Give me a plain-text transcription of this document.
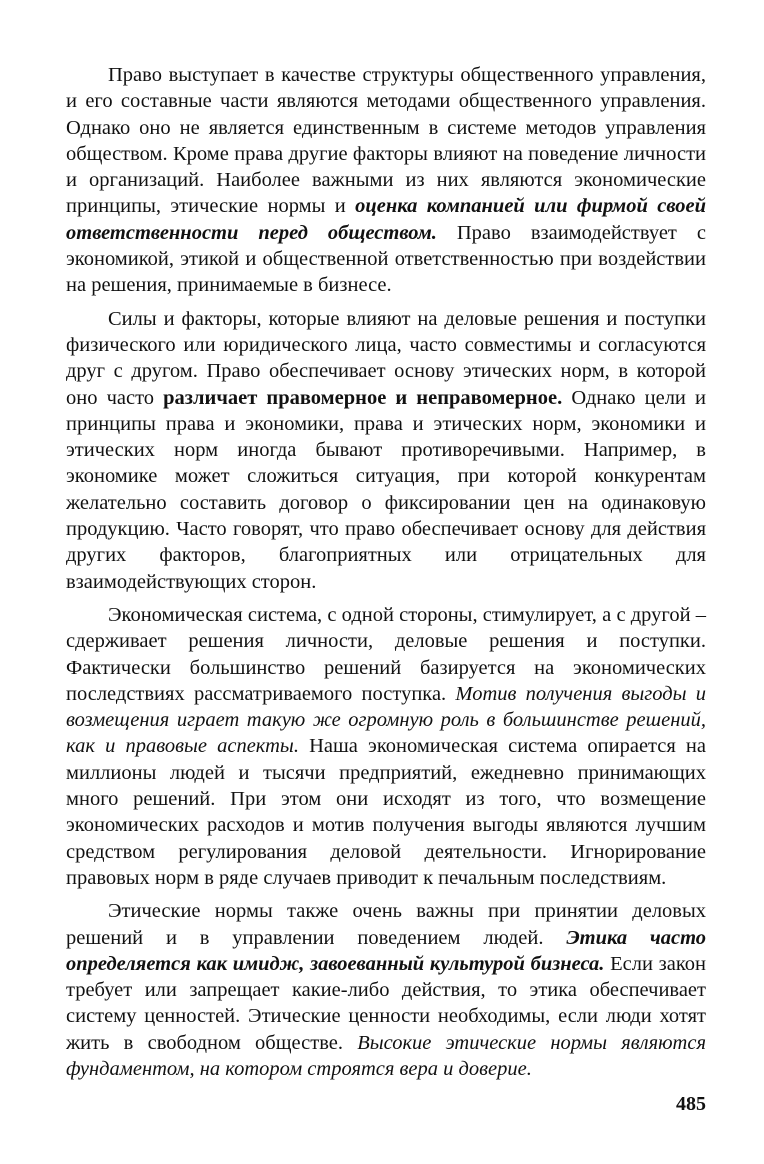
Право выступает в качестве структуры общественного управления, и его составные части являются методами общественного управления. Однако оно не является единственным в системе методов управления обществом. Кроме права другие факторы влияют на поведение личности и организаций. Наиболее важными из них являются экономические принципы, этические нормы и оценка компанией или фирмой своей ответственности перед обществом. Право взаимодействует с экономикой, этикой и общественной ответственностью при воздействии на решения, принимаемые в бизнесе.

Силы и факторы, которые влияют на деловые решения и поступки физического или юридического лица, часто совместимы и согласуются друг с другом. Право обеспечивает основу этических норм, в которой оно часто различает правомерное и неправомерное. Однако цели и принципы права и экономики, права и этических норм, экономики и этических норм иногда бывают противоречивыми. Например, в экономике может сложиться ситуация, при которой конкурентам желательно составить договор о фиксировании цен на одинаковую продукцию. Часто говорят, что право обеспечивает основу для действия других факторов, благоприятных или отрицательных для взаимодействующих сторон.

Экономическая система, с одной стороны, стимулирует, а с другой – сдерживает решения личности, деловые решения и поступки. Фактически большинство решений базируется на экономических последствиях рассматриваемого поступка. Мотив получения выгоды и возмещения играет такую же огромную роль в большинстве решений, как и правовые аспекты. Наша экономическая система опирается на миллионы людей и тысячи предприятий, ежедневно принимающих много решений. При этом они исходят из того, что возмещение экономических расходов и мотив получения выгоды являются лучшим средством регулирования деловой деятельности. Игнорирование правовых норм в ряде случаев приводит к печальным последствиям.

Этические нормы также очень важны при принятии деловых решений и в управлении поведением людей. Этика часто определяется как имидж, завоеванный культурой бизнеса. Если закон требует или запрещает какие-либо действия, то этика обеспечивает систему ценностей. Этические ценности необходимы, если люди хотят жить в свободном обществе. Высокие этические нормы являются фундаментом, на котором строятся вера и доверие.

485
